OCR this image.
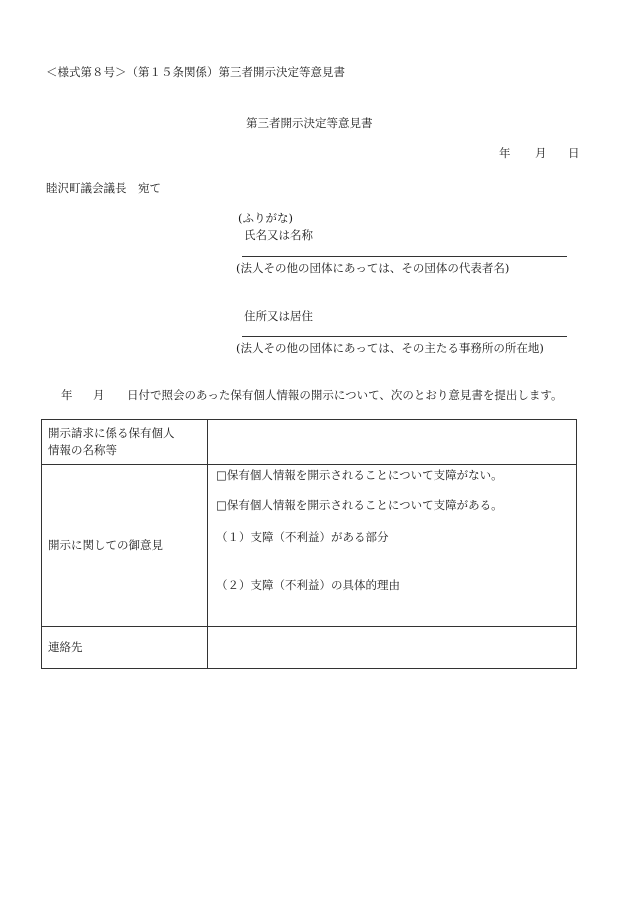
＜様式第８号＞（第１５条関係）第三者開示決定等意見書
第三者開示決定等意見書
年 月 日
睦沢町議会議長　宛て
(ふりがな)
氏名又は名称
(法人その他の団体にあっては、その団体の代表者名)
住所又は居住
(法人その他の団体にあっては、その主たる事務所の所在地)
年 月 日付で照会のあった保有個人情報の開示について、次のとおり意見書を提出します。
開示請求に係る保有個人
情報の名称等	

開示に関しての御意見	□保有個人情報を開示されることについて支障がない。
□保有個人情報を開示されることについて支障がある。
（１）支障（不利益）がある部分
（２）支障（不利益）の具体的理由

連絡先	
